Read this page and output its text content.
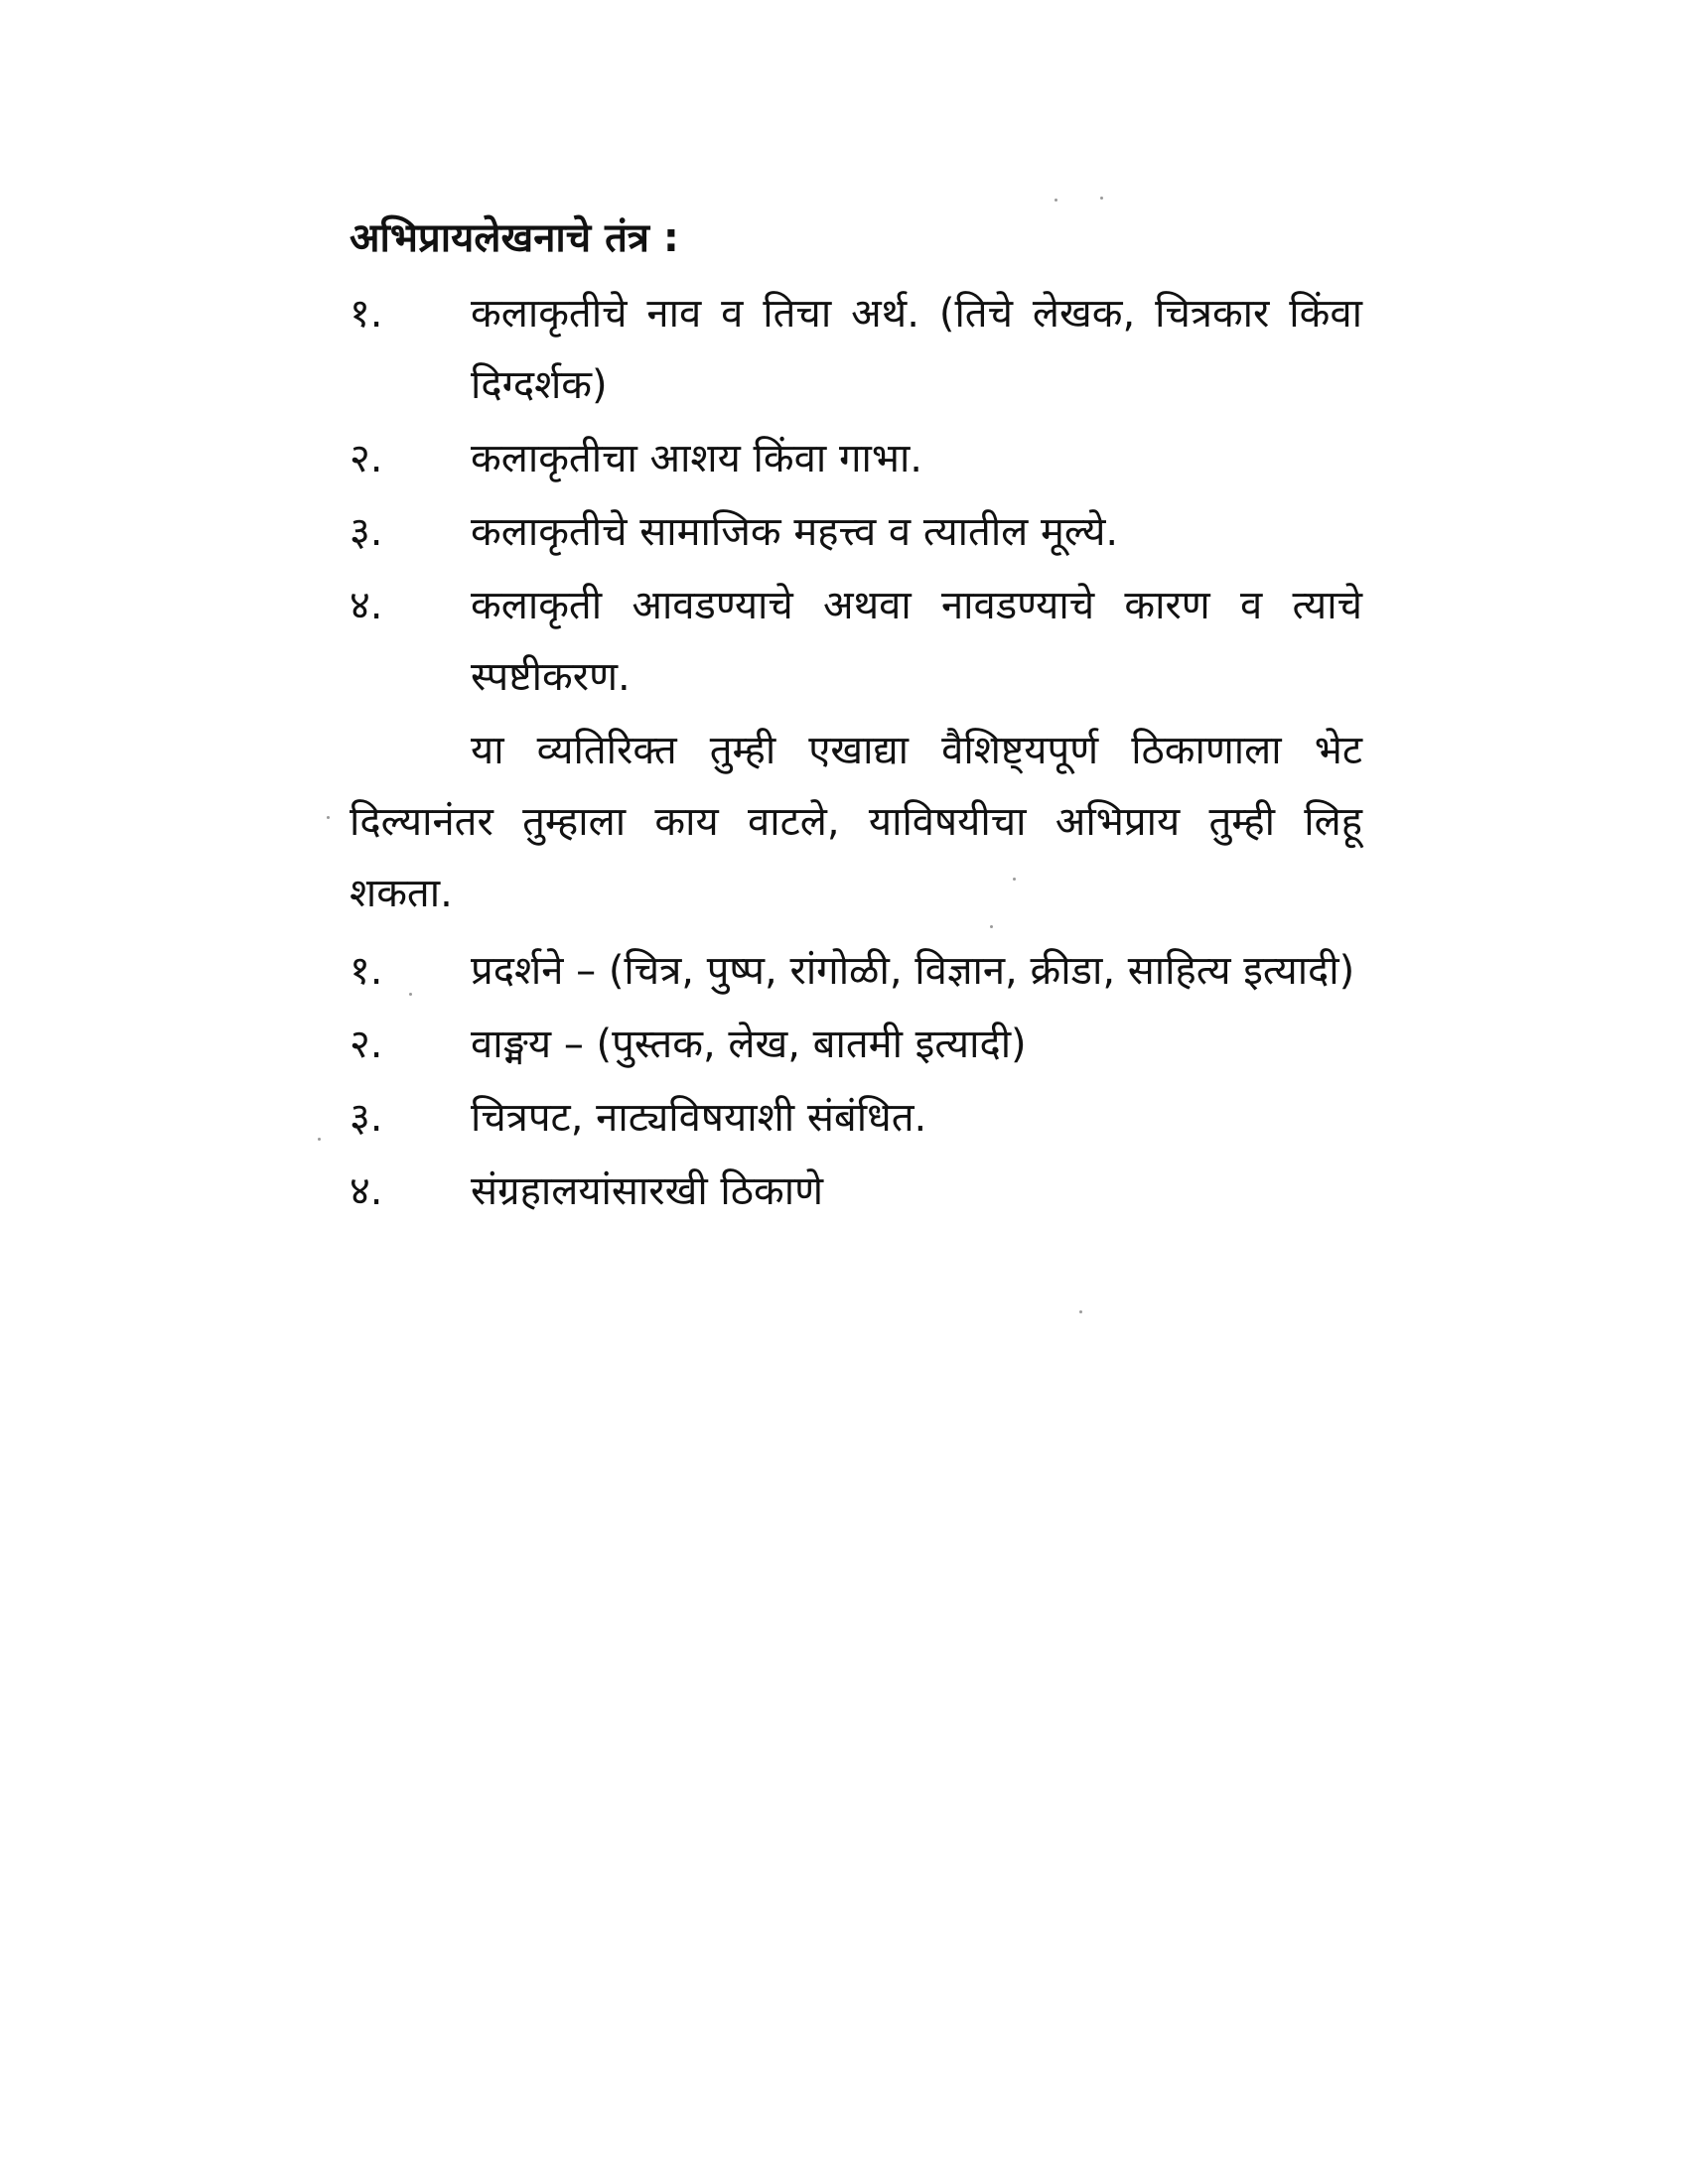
अभिप्रायलेखनाचे तंत्र :
१.	कलाकृतीचे नाव व तिचा अर्थ. (तिचे लेखक, चित्रकार किंवा दिग्दर्शक)
२.	कलाकृतीचा आशय किंवा गाभा.
३.	कलाकृतीचे सामाजिक महत्त्व व त्यातील मूल्ये.
४.	कलाकृती आवडण्याचे अथवा नावडण्याचे कारण व त्याचे स्पष्टीकरण.

या व्यतिरिक्त तुम्ही एखाद्या वैशिष्ट्यपूर्ण ठिकाणाला भेट दिल्यानंतर तुम्हाला काय वाटले, याविषयीचा अभिप्राय तुम्ही लिहू शकता.

१.	प्रदर्शने – (चित्र, पुष्प, रांगोळी, विज्ञान, क्रीडा, साहित्य इत्यादी)
२.	वाङ्मय – (पुस्तक, लेख, बातमी इत्यादी)
३.	चित्रपट, नाट्यविषयाशी संबंधित.
४.	संग्रहालयांसारखी ठिकाणे
